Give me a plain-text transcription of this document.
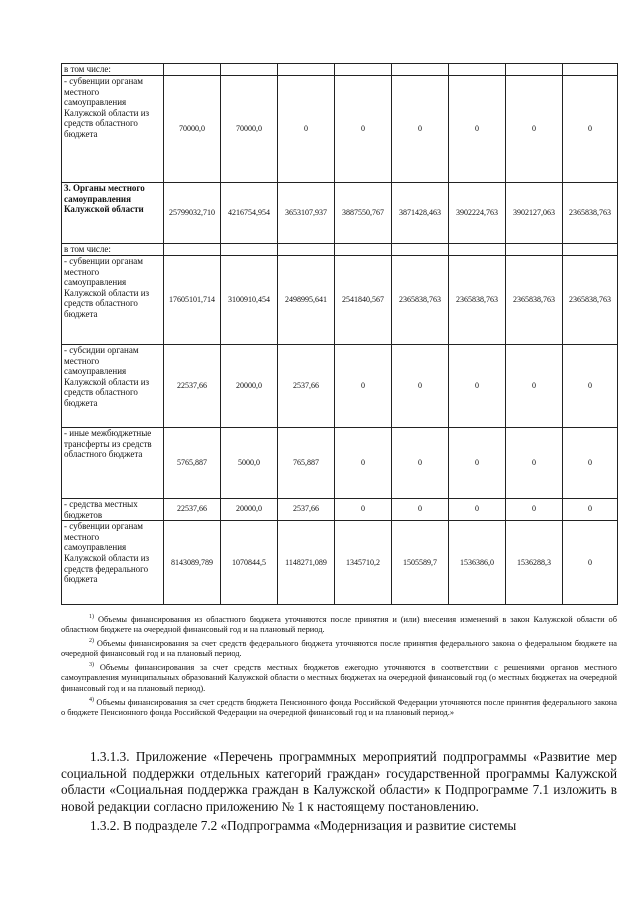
в том числе:								
- субвенции органам местного самоуправления Калужской области из средств областного бюджета	70000,0	70000,0	0	0	0	0	0	0
3. Органы местного самоуправления Калужской области	25799032,710	4216754,954	3653107,937	3887550,767	3871428,463	3902224,763	3902127,063	2365838,763
в том числе:								
- субвенции органам местного самоуправления Калужской области из средств областного бюджета	17605101,714	3100910,454	2498995,641	2541840,567	2365838,763	2365838,763	2365838,763	2365838,763
- субсидии органам местного самоуправления Калужской области из средств областного бюджета	22537,66	20000,0	2537,66	0	0	0	0	0
- иные межбюджетные трансферты из средств областного бюджета	5765,887	5000,0	765,887	0	0	0	0	0
- средства местных бюджетов	22537,66	20000,0	2537,66	0	0	0	0	0
- субвенции органам местного самоуправления Калужской области из средств федерального бюджета	8143089,789	1070844,5	1148271,089	1345710,2	1505589,7	1536386,0	1536288,3	0

$^{1)}$ Объемы финансирования из областного бюджета уточняются после принятия и (или) внесения изменений в закон Калужской области об областном бюджете на очередной финансовый год и на плановый период.

$^{2)}$ Объемы финансирования за счет средств федерального бюджета уточняются после принятия федерального закона о федеральном бюджете на очередной финансовый год и на плановый период.

$^{3)}$ Объемы финансирования за счет средств местных бюджетов ежегодно уточняются в соответствии с решениями органов местного самоуправления муниципальных образований Калужской области о местных бюджетах на очередной финансовый год (о местных бюджетах на очередной финансовый год и на плановый период).

$^{4)}$ Объемы финансирования за счет средств бюджета Пенсионного фонда Российской Федерации уточняются после принятия федерального закона о бюджете Пенсионного фонда Российской Федерации на очередной финансовый год и на плановый период.»

1.3.1.3. Приложение «Перечень программных мероприятий подпрограммы «Развитие мер социальной поддержки отдельных категорий граждан» государственной программы Калужской области «Социальная поддержка граждан в Калужской области» к Подпрограмме 7.1 изложить в новой редакции согласно приложению № 1 к настоящему постановлению.

1.3.2. В подразделе 7.2 «Подпрограмма «Модернизация и развитие системы
